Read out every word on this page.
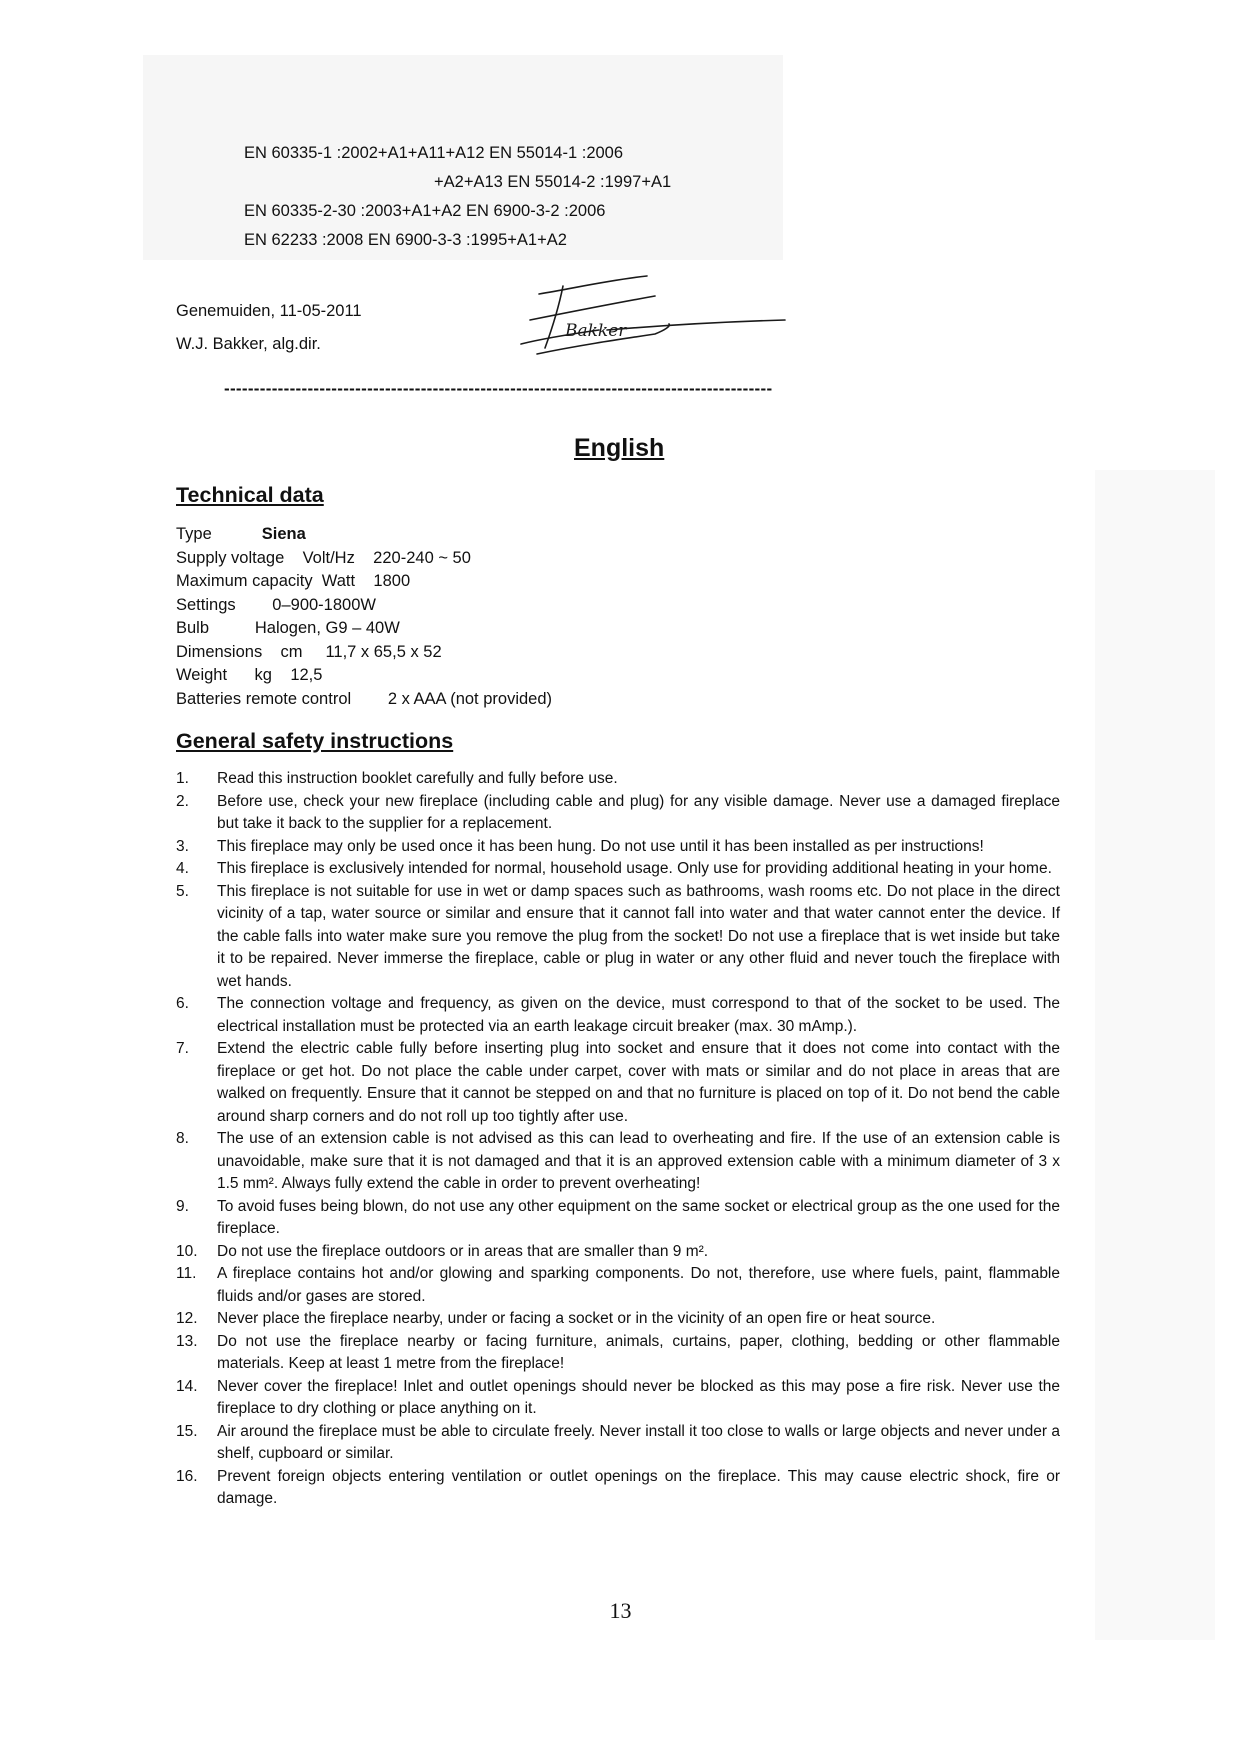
EN 60335-1 :2002+A1+A11+A12 EN 55014-1 :2006
+A2+A13 EN 55014-2 :1997+A1
EN 60335-2-30 :2003+A1+A2 EN 6900-3-2 :2006
EN 62233 :2008 EN 6900-3-3 :1995+A1+A2
Genemuiden, 11-05-2011
W.J. Bakker, alg.dir.
Bakker
--------------------------------------------------------------------------------------------
English
Technical data
Type	Siena
Supply voltage    Volt/Hz    220-240 ~ 50
Maximum capacity  Watt    1800
Settings        0–900-1800W
Bulb          Halogen, G9 – 40W
Dimensions    cm     11,7 x 65,5 x 52
Weight      kg    12,5
Batteries remote control        2 x AAA (not provided)
General safety instructions
1. Read this instruction booklet carefully and fully before use.
2. Before use, check your new fireplace (including cable and plug) for any visible damage. Never use a damaged fireplace but take it back to the supplier for a replacement.
3. This fireplace may only be used once it has been hung. Do not use until it has been installed as per instructions!
4. This fireplace is exclusively intended for normal, household usage. Only use for providing additional heating in your home.
5. This fireplace is not suitable for use in wet or damp spaces such as bathrooms, wash rooms etc. Do not place in the direct vicinity of a tap, water source or similar and ensure that it cannot fall into water and that water cannot enter the device. If the cable falls into water make sure you remove the plug from the socket! Do not use a fireplace that is wet inside but take it to be repaired. Never immerse the fireplace, cable or plug in water or any other fluid and never touch the fireplace with wet hands.
6. The connection voltage and frequency, as given on the device, must correspond to that of the socket to be used. The electrical installation must be protected via an earth leakage circuit breaker (max. 30 mAmp.).
7. Extend the electric cable fully before inserting plug into socket and ensure that it does not come into contact with the fireplace or get hot. Do not place the cable under carpet, cover with mats or similar and do not place in areas that are walked on frequently. Ensure that it cannot be stepped on and that no furniture is placed on top of it. Do not bend the cable around sharp corners and do not roll up too tightly after use.
8. The use of an extension cable is not advised as this can lead to overheating and fire. If the use of an extension cable is unavoidable, make sure that it is not damaged and that it is an approved extension cable with a minimum diameter of 3 x 1.5 mm². Always fully extend the cable in order to prevent overheating!
9. To avoid fuses being blown, do not use any other equipment on the same socket or electrical group as the one used for the fireplace.
10. Do not use the fireplace outdoors or in areas that are smaller than 9 m².
11. A fireplace contains hot and/or glowing and sparking components. Do not, therefore, use where fuels, paint, flammable fluids and/or gases are stored.
12. Never place the fireplace nearby, under or facing a socket or in the vicinity of an open fire or heat source.
13. Do not use the fireplace nearby or facing furniture, animals, curtains, paper, clothing, bedding or other flammable materials. Keep at least 1 metre from the fireplace!
14. Never cover the fireplace! Inlet and outlet openings should never be blocked as this may pose a fire risk. Never use the fireplace to dry clothing or place anything on it.
15. Air around the fireplace must be able to circulate freely. Never install it too close to walls or large objects and never under a shelf, cupboard or similar.
16. Prevent foreign objects entering ventilation or outlet openings on the fireplace. This may cause electric shock, fire or damage.
13
